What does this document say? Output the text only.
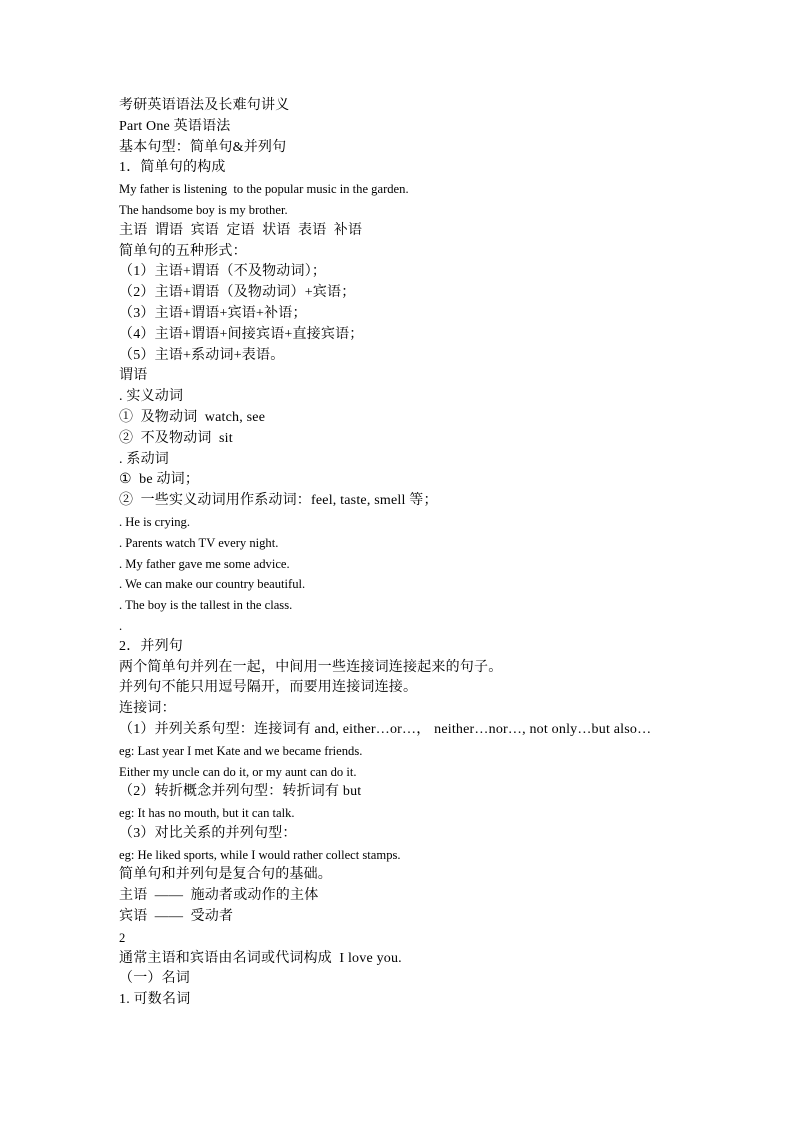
考研英语语法及长难句讲义
Part One 英语语法
基本句型：简单句&并列句
1．简单句的构成
My father is listening  to the popular music in the garden.
The handsome boy is my brother.
主语  谓语  宾语  定语  状语  表语  补语
简单句的五种形式：
（1）主语+谓语（不及物动词）；
（2）主语+谓语（及物动词）+宾语；
（3）主语+谓语+宾语+补语；
（4）主语+谓语+间接宾语+直接宾语；
（5）主语+系动词+表语。
谓语
. 实义动词
①  及物动词  watch, see
②  不及物动词  sit
. 系动词
①  be 动词；
②  一些实义动词用作系动词：feel, taste, smell 等；
. He is crying.
. Parents watch TV every night.
. My father gave me some advice.
. We can make our country beautiful.
. The boy is the tallest in the class.
.
2．并列句
两个简单句并列在一起，中间用一些连接词连接起来的句子。
并列句不能只用逗号隔开，而要用连接词连接。
连接词：
（1）并列关系句型：连接词有 and, either…or…， neither…nor…, not only…but also…
eg: Last year I met Kate and we became friends.
Either my uncle can do it, or my aunt can do it.
（2）转折概念并列句型：转折词有 but
eg: It has no mouth, but it can talk.
（3）对比关系的并列句型：
eg: He liked sports, while I would rather collect stamps.
简单句和并列句是复合句的基础。
主语  ——  施动者或动作的主体
宾语  ——  受动者
2
通常主语和宾语由名词或代词构成  I love you.
（一）名词
1. 可数名词
